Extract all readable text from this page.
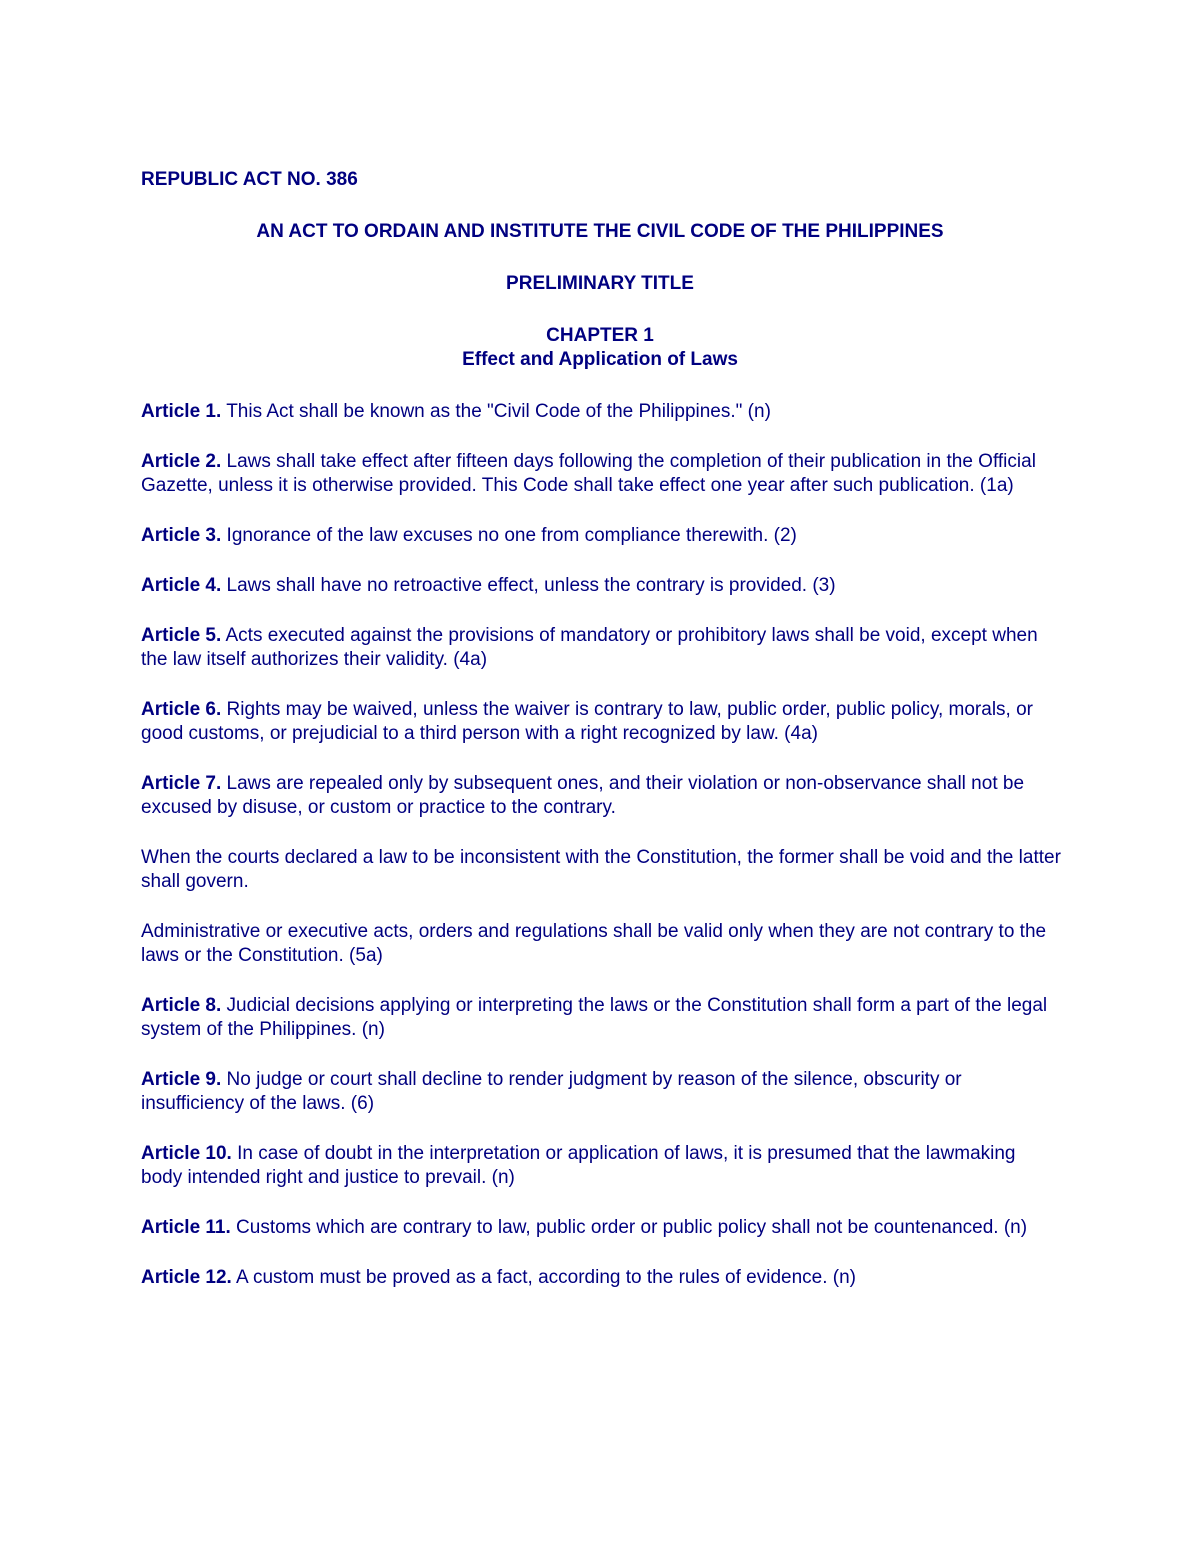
REPUBLIC ACT NO. 386
AN ACT TO ORDAIN AND INSTITUTE THE CIVIL CODE OF THE PHILIPPINES
PRELIMINARY TITLE
CHAPTER 1
Effect and Application of Laws

Article 1. This Act shall be known as the "Civil Code of the Philippines." (n)

Article 2. Laws shall take effect after fifteen days following the completion of their publication in the Official Gazette, unless it is otherwise provided. This Code shall take effect one year after such publication. (1a)

Article 3. Ignorance of the law excuses no one from compliance therewith. (2)

Article 4. Laws shall have no retroactive effect, unless the contrary is provided. (3)

Article 5. Acts executed against the provisions of mandatory or prohibitory laws shall be void, except when the law itself authorizes their validity. (4a)

Article 6. Rights may be waived, unless the waiver is contrary to law, public order, public policy, morals, or good customs, or prejudicial to a third person with a right recognized by law. (4a)

Article 7. Laws are repealed only by subsequent ones, and their violation or non-observance shall not be excused by disuse, or custom or practice to the contrary.

When the courts declared a law to be inconsistent with the Constitution, the former shall be void and the latter shall govern.

Administrative or executive acts, orders and regulations shall be valid only when they are not contrary to the laws or the Constitution. (5a)

Article 8. Judicial decisions applying or interpreting the laws or the Constitution shall form a part of the legal system of the Philippines. (n)

Article 9. No judge or court shall decline to render judgment by reason of the silence, obscurity or insufficiency of the laws. (6)

Article 10. In case of doubt in the interpretation or application of laws, it is presumed that the lawmaking body intended right and justice to prevail. (n)

Article 11. Customs which are contrary to law, public order or public policy shall not be countenanced. (n)

Article 12. A custom must be proved as a fact, according to the rules of evidence. (n)
